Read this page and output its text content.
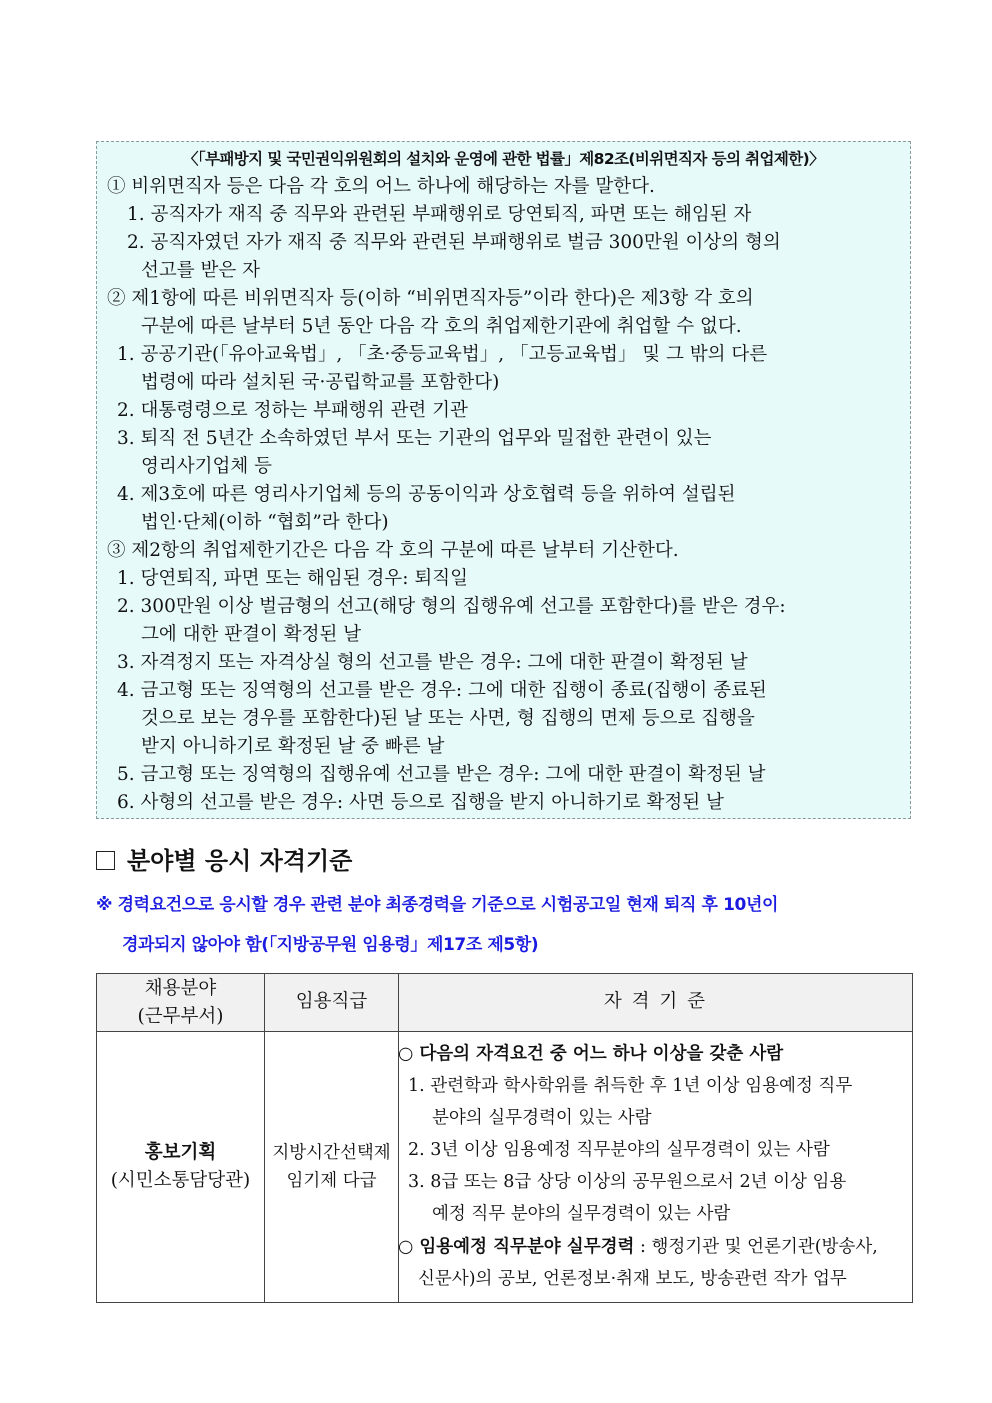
〈「부패방지 및 국민권익위원회의 설치와 운영에 관한 법률」제82조(비위면직자 등의 취업제한)〉
① 비위면직자 등은 다음 각 호의 어느 하나에 해당하는 자를 말한다.
1. 공직자가 재직 중 직무와 관련된 부패행위로 당연퇴직, 파면 또는 해임된 자
2. 공직자였던 자가 재직 중 직무와 관련된 부패행위로 벌금 300만원 이상의 형의
선고를 받은 자
② 제1항에 따른 비위면직자 등(이하 “비위면직자등”이라 한다)은 제3항 각 호의
구분에 따른 날부터 5년 동안 다음 각 호의 취업제한기관에 취업할 수 없다.
1. 공공기관(「유아교육법」, 「초·중등교육법」, 「고등교육법」 및 그 밖의 다른
법령에 따라 설치된 국·공립학교를 포함한다)
2. 대통령령으로 정하는 부패행위 관련 기관
3. 퇴직 전 5년간 소속하였던 부서 또는 기관의 업무와 밀접한 관련이 있는
영리사기업체 등
4. 제3호에 따른 영리사기업체 등의 공동이익과 상호협력 등을 위하여 설립된
법인·단체(이하 “협회”라 한다)
③ 제2항의 취업제한기간은 다음 각 호의 구분에 따른 날부터 기산한다.
1. 당연퇴직, 파면 또는 해임된 경우: 퇴직일
2. 300만원 이상 벌금형의 선고(해당 형의 집행유예 선고를 포함한다)를 받은 경우:
그에 대한 판결이 확정된 날
3. 자격정지 또는 자격상실 형의 선고를 받은 경우: 그에 대한 판결이 확정된 날
4. 금고형 또는 징역형의 선고를 받은 경우: 그에 대한 집행이 종료(집행이 종료된
것으로 보는 경우를 포함한다)된 날 또는 사면, 형 집행의 면제 등으로 집행을
받지 아니하기로 확정된 날 중 빠른 날
5. 금고형 또는 징역형의 집행유예 선고를 받은 경우: 그에 대한 판결이 확정된 날
6. 사형의 선고를 받은 경우: 사면 등으로 집행을 받지 아니하기로 확정된 날
분야별 응시 자격기준
※ 경력요건으로 응시할 경우 관련 분야 최종경력을 기준으로 시험공고일 현재 퇴직 후 10년이
경과되지 않아야 함(「지방공무원 임용령」제17조 제5항)
채용분야
(근무부서)
임용직급	자 격 기 준
홍보기획
(시민소통담당관)
지방시간선택제
임기제 다급
○ 다음의 자격요건 중 어느 하나 이상을 갖춘 사람
1. 관련학과 학사학위를 취득한 후 1년 이상 임용예정 직무
분야의 실무경력이 있는 사람
2. 3년 이상 임용예정 직무분야의 실무경력이 있는 사람
3. 8급 또는 8급 상당 이상의 공무원으로서 2년 이상 임용
예정 직무 분야의 실무경력이 있는 사람
○ 임용예정 직무분야 실무경력 : 행정기관 및 언론기관(방송사,
신문사)의 공보, 언론정보·취재 보도, 방송관련 작가 업무
